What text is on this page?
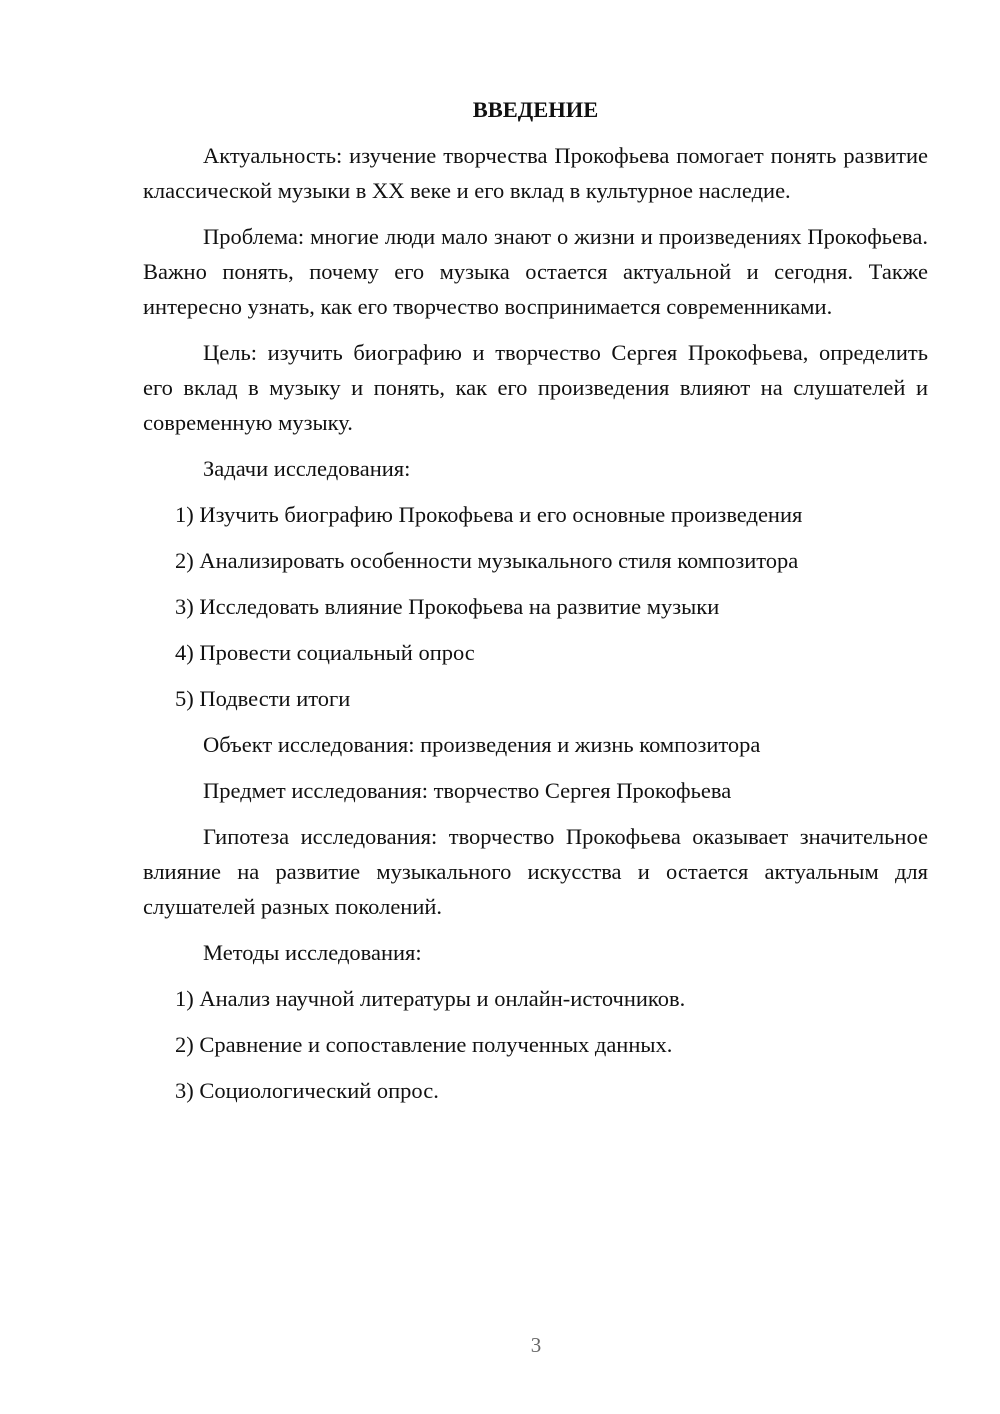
ВВЕДЕНИЕ

Актуальность: изучение творчества Прокофьева помогает понять развитие классической музыки в XX веке и его вклад в культурное наследие.

Проблема: многие люди мало знают о жизни и произведениях Прокофьева. Важно понять, почему его музыка остается актуальной и сегодня. Также интересно узнать, как его творчество воспринимается современниками.

Цель: изучить биографию и творчество Сергея Прокофьева, определить его вклад в музыку и понять, как его произведения влияют на слушателей и современную музыку.

Задачи исследования:

1) Изучить биографию Прокофьева и его основные произведения

2) Анализировать особенности музыкального стиля композитора

3) Исследовать влияние Прокофьева на развитие музыки

4) Провести социальный опрос

5) Подвести итоги

Объект исследования: произведения и жизнь композитора

Предмет исследования: творчество Сергея Прокофьева

Гипотеза исследования: творчество Прокофьева оказывает значительное влияние на развитие музыкального искусства и остается актуальным для слушателей разных поколений.

Методы исследования:

1) Анализ научной литературы и онлайн-источников.

2) Сравнение и сопоставление полученных данных.

3) Социологический опрос.

3
